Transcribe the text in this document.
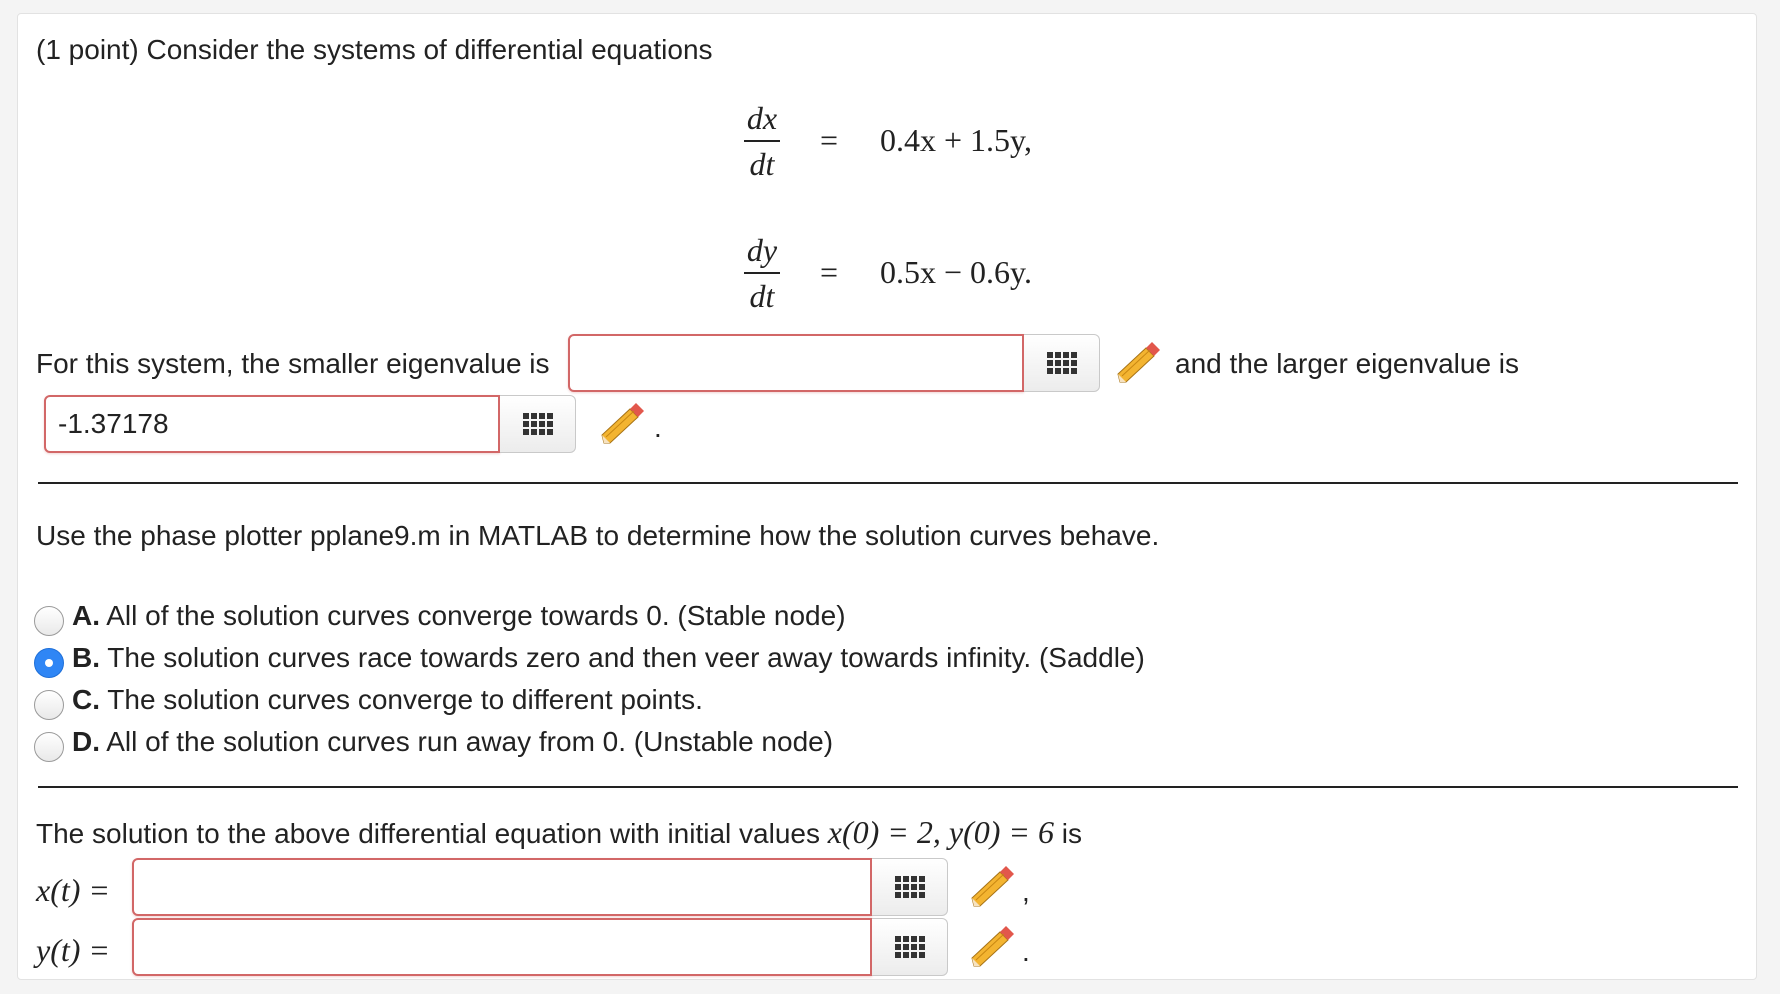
(1 point) Consider the systems of differential equations
dx
dt
= 0.4x + 1.5y,
dy
dt
= 0.5x − 0.6y.
For this system, the smaller eigenvalue is	and the larger eigenvalue is
-1.37178
.
Use the phase plotter pplane9.m in MATLAB to determine how the solution curves behave.
A. All of the solution curves converge towards 0. (Stable node)
B. The solution curves race towards zero and then veer away towards infinity. (Saddle)
C. The solution curves converge to different points.
D. All of the solution curves run away from 0. (Unstable node)
The solution to the above differential equation with initial values x(0) = 2, y(0) = 6 is
x(t) =	,
y(t) =	.
